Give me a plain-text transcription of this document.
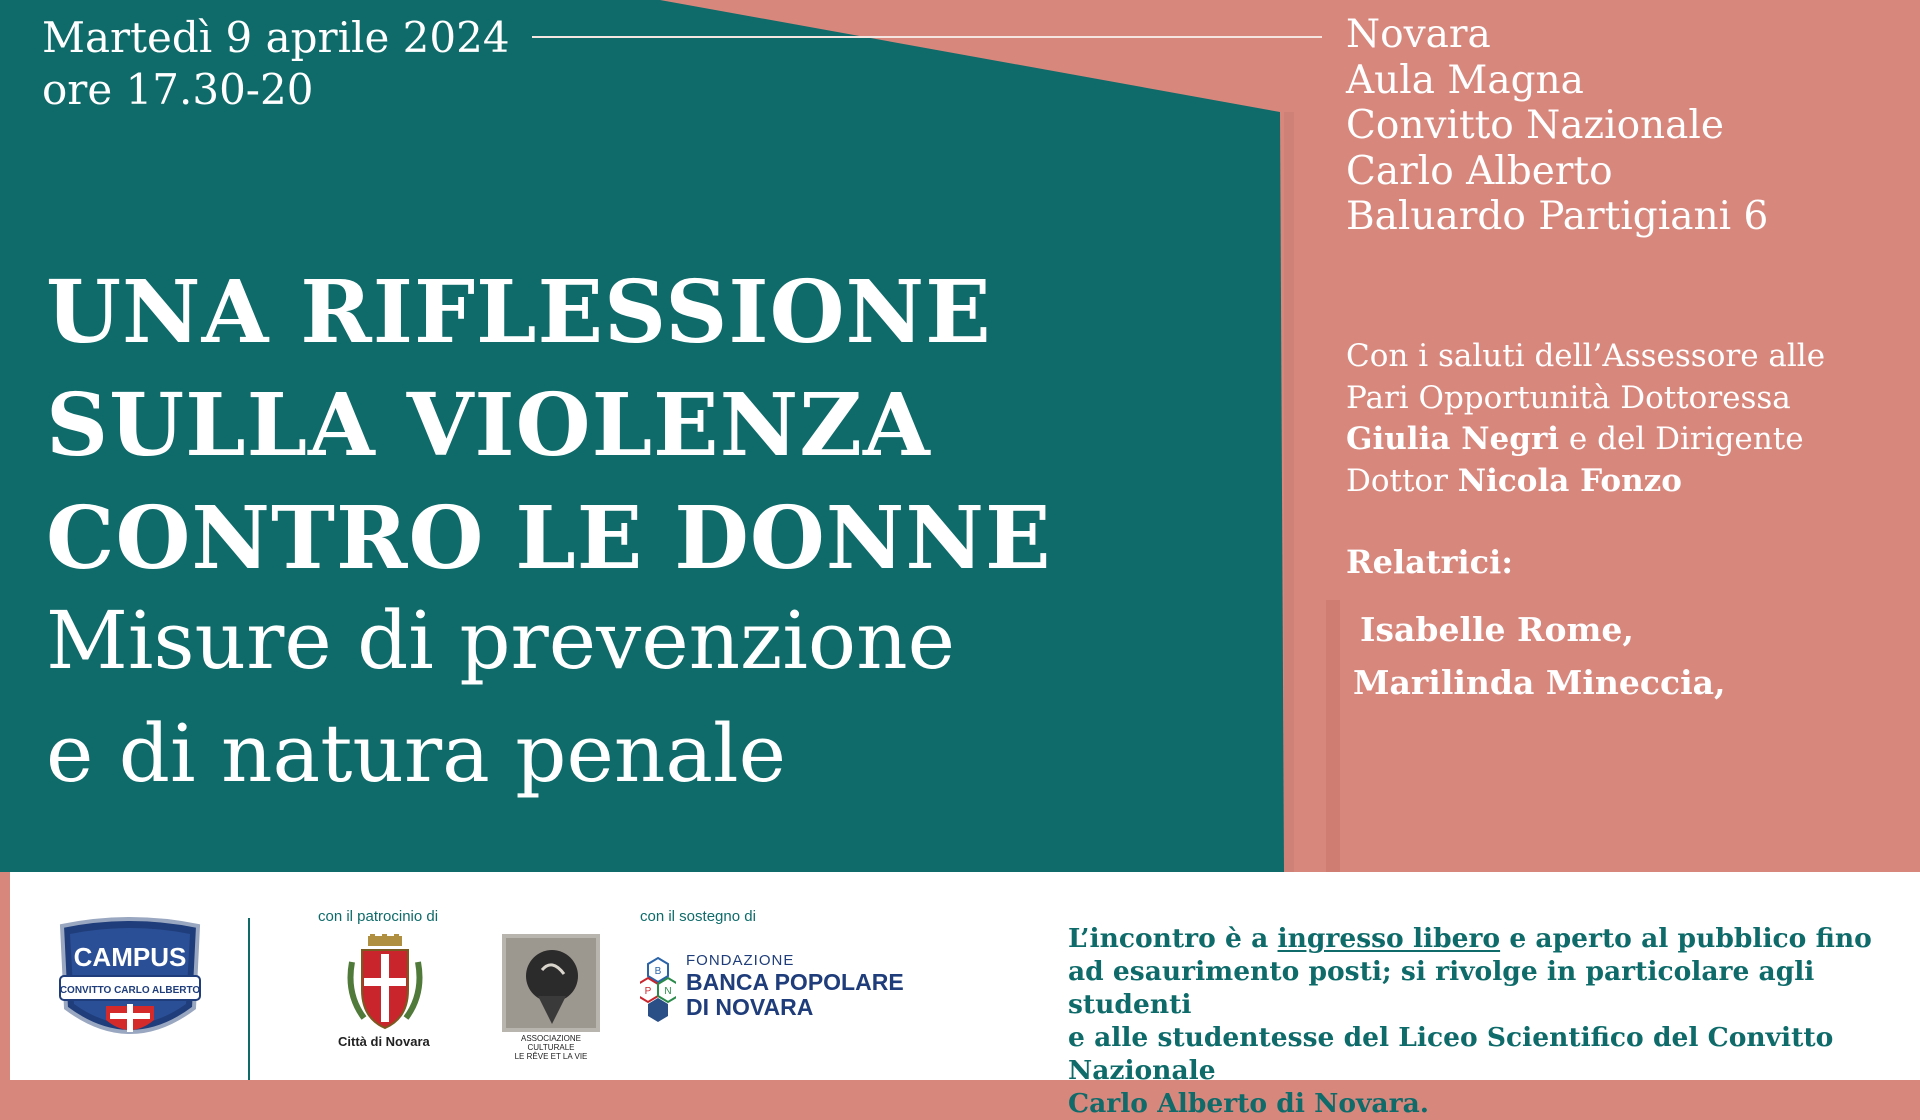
Martedì 9 aprile 2024
ore 17.30-20
Novara
Aula Magna
Convitto Nazionale
Carlo Alberto
Baluardo Partigiani 6
UNA RIFLESSIONE
SULLA VIOLENZA
CONTRO LE DONNE
Misure di prevenzione
e di natura penale
Con i saluti dell’Assessore alle
Pari Opportunità Dottoressa
Giulia Negri e del Dirigente
Dottor Nicola Fonzo
Relatrici:
Isabelle Rome,
Marilinda Mineccia,
CAMPUS
CONVITTO CARLO ALBERTO
con il patrocinio di
Città di Novara	ASSOCIAZIONE CULTURALE
LE RÊVE ET LA VIE
con il sostegno di
B
P N
FONDAZIONE
BANCA POPOLARE
DI NOVARA
L’incontro è a ingresso libero e aperto al pubblico fino
ad esaurimento posti; si rivolge in particolare agli studenti
e alle studentesse del Liceo Scientifico del Convitto Nazionale
Carlo Alberto di Novara.
